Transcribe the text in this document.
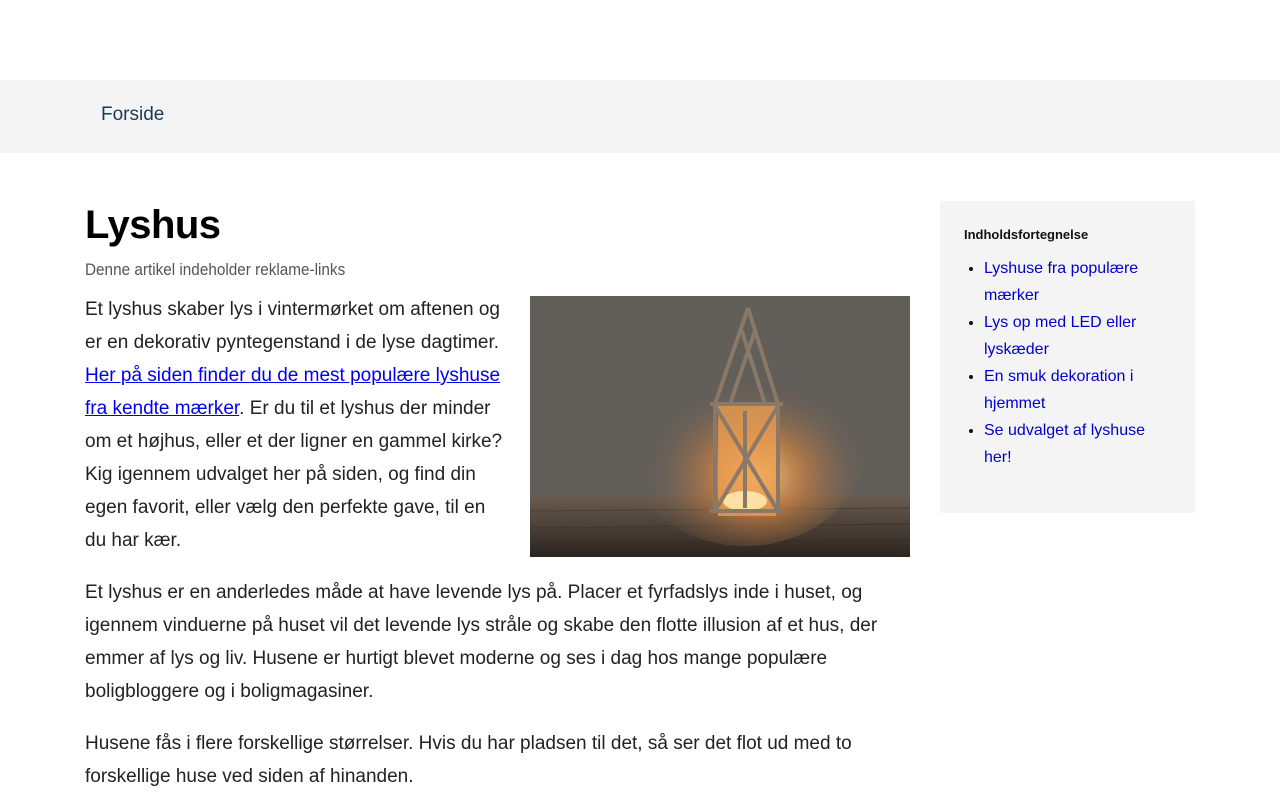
Forside
Lyshus
Denne artikel indeholder reklame-links
Et lyshus skaber lys i vintermørket om aftenen og er en dekorativ pyntegenstand i de lyse dagtimer. Her på siden finder du de mest populære lyshuse fra kendte mærker. Er du til et lyshus der minder om et højhus, eller et der ligner en gammel kirke? Kig igennem udvalget her på siden, og find din egen favorit, eller vælg den perfekte gave, til en du har kær.

Et lyshus er en anderledes måde at have levende lys på. Placer et fyrfadslys inde i huset, og igennem vinduerne på huset vil det levende lys stråle og skabe den flotte illusion af et hus, der emmer af lys og liv. Husene er hurtigt blevet moderne og ses i dag hos mange populære boligbloggere og i boligmagasiner.

Husene fås i flere forskellige størrelser. Hvis du har pladsen til det, så ser det flot ud med to forskellige huse ved siden af hinanden.

Indholdsfortegnelse
• Lyshuse fra populære mærker
• Lys op med LED eller lyskæder
• En smuk dekoration i hjemmet
• Se udvalget af lyshuse her!
